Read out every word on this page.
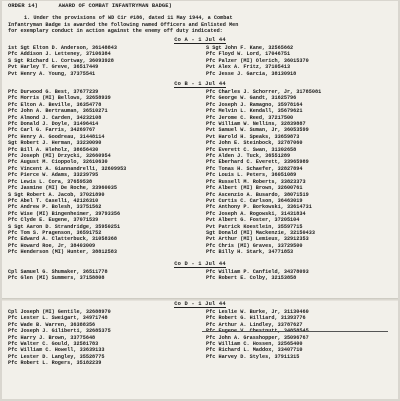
ORDER 14)	AWARD OF COMBAT INFANTRYMAN BADGE)
1. Under the provisions of WD Cir #186, dated 11 May 1944, a Combat
Infantryman Badge is awarded the following named Officers and Enlisted Men
for exemplary conduct in action against the enemy off duty indicated:
Co A - 1 Jul 44
1st Sgt Elton D. Anderson, 36148843
Pfc Addison J. Letteney, 37106384
S Sgt Richard L. Cortway, 36093928
Pvt Harley T. Greve, 36517449
Pvt Henry A. Young, 37375541
S Sgt John F. Kane, 32565662
Pfc Floyd W. Lord, 17046751
Pfc Palzer (MI) Olerich, 36015370
Pvt Alex A. Fritz, 37105413
Pfc Jesse J. Garcia, 38130918
Co B - 1 Jul 44
Pfc Durwood G. Best, 37677239
Pfc Morris (MI) Bellows, 32658939
Pfc Elton A. Beville, 36354778
Pfc John A. Bertrauman, 36510271
Pfc Almond J. Carden, 34232108
Pfc Donald J. Doyle, 31496414
Pfc Carl G. Farris, 34269767
Pfc Henry A. Goodreau, 31448114
Sgt Robert J. Herman, 33230090
Pfc Bill A. Hleholz, 38656430
Pfc Joseph (MI) Drzycki, 32660954
Pfc August M. Cioppolo, 32610630
Pfc Vincent A. Giannandrelli, 32609953
Pfc Pierce W. Adams, 33239795
Pfc Lewis L. Cora, 37659538
Pfc Jasmine (MI) De Roche, 33960035
S Sgt Robert A. Jacob, 37021890
Pfc Abel T. Caselli, 42126310
Pfc Andrew P. Bolesh, 33751562
Pfc Wise (MI) Bingenheimer, 39793356
Pfc Clyde E. Eugene, 37071539
S Sgt Aaron D. Strandridge, 35950251
Pfc Tom S. Pragenson, 36591752
Pfc Edward A. Clatterbuck, 31058368
Pfc Howard Roe, Jr, 38403009
Pfc Henderson (MI) Hunter, 38812583
Pfc Charles J. Schorrer, Jr, 31785081
Pfc George W. Gandt, 31625796
Pfc Joseph J. Ramagno, 35978164
Pfc Melvin L. Kendall, 35679621
Pfc Jerome C. Reed, 37217500
Pfc William W. Nellins, 32839887
Pvt Samuel W. Suman, Jr, 36053599
Pvt Harold H. Speaks, 33659873
Pfc John E. Steinbock, 32787060
Pfc Everett C. Swan, 31302658
Pfc Alden J. Tuck, 36551289
Pfc Eberhard C. Everett, 33965989
Pfc Tonas H. Schaefer, 32827894
Pfc Louis L. Peters, 36051089
Pfc Russell M. Roberts, 33823373
Pfc Albert (MI) Brown, 32600761
Pfc Ascenzio A. Busardo, 38071519
Pvt Curtis C. Carlson, 36463019
Pfc Anthony P. Borkowski, 33614731
Pfc Joseph A. Rogowski, 31431834
Pvt Albert G. Foster, 37205104
Pvt Patrick Koestlein, 35597715
Sgt Donald (MI) Mackenzie, 32150433
Pvt Arthur (MI) Lemieux, 32912353
Pfc Chris (MI) Graves, 33729500
Pfc Billy H. Stark, 34771853
Co D - 1 Jul 44
Cpl Samuel G. Shumaker, 36511778
Pfc Glen (MI) Summers, 37158808
Pfc William P. Canfield, 34378093
Pfc Robert E. Colby, 32153858
Co D - 1 Jul 44
Cpl Joseph (MI) Gentile, 32688970
Pfc Lester L. Sweigart, 34971748
Pfc Wade B. Warren, 36388356
Pfc Joseph J. Giliberti, 32685375
Pfc Harry J. Brown, 33775648
Pfc Walter C. Gould, 32581783
Pfc William C. Howell, 33639133
Pfc Lester D. Langley, 35528775
Pfc Robert L. Rogers, 35182239
Pfc Leslie W. Burke, Jr, 31130460
Pfc Robert G. Hilliard, 31393776
Pfc Arthur A. Lindley, 33787627
Pfc John A. Grasshopper, 35096767
Pfc William C. Hossen, 32565400
Pfc Richard L. Maddox, 33407710
Pfc Harvey D. Styles, 37911315
